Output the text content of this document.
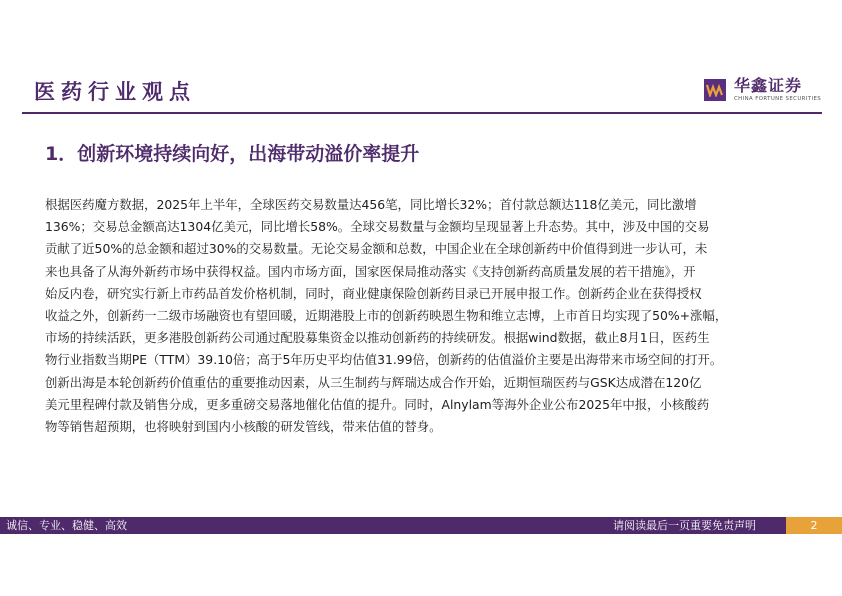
医药行业观点	华鑫证券
CHINA FORTUNE SECURITIES
1．创新环境持续向好，出海带动溢价率提升
根据医药魔方数据，2025年上半年，全球医药交易数量达456笔，同比增长32%；首付款总额达118亿美元，同比激增
136%；交易总金额高达1304亿美元，同比增长58%。全球交易数量与金额均呈现显著上升态势。其中，涉及中国的交易
贡献了近50%的总金额和超过30%的交易数量。无论交易金额和总数，中国企业在全球创新药中价值得到进一步认可，未
来也具备了从海外新药市场中获得权益。国内市场方面，国家医保局推动落实《支持创新药高质量发展的若干措施》，开
始反内卷，研究实行新上市药品首发价格机制，同时，商业健康保险创新药目录已开展申报工作。创新药企业在获得授权
收益之外，创新药一二级市场融资也有望回暖，近期港股上市的创新药映恩生物和维立志博，上市首日均实现了50%+涨幅，
市场的持续活跃，更多港股创新药公司通过配股募集资金以推动创新药的持续研发。根据wind数据，截止8月1日，医药生
物行业指数当期PE（TTM）39.10倍；高于5年历史平均估值31.99倍，创新药的估值溢价主要是出海带来市场空间的打开。
创新出海是本轮创新药价值重估的重要推动因素，从三生制药与辉瑞达成合作开始，近期恒瑞医药与GSK达成潜在120亿
美元里程碑付款及销售分成，更多重磅交易落地催化估值的提升。同时，Alnylam等海外企业公布2025年中报，小核酸药
物等销售超预期，也将映射到国内小核酸的研发管线，带来估值的替身。
诚信、专业、稳健、高效	请阅读最后一页重要免责声明	2
